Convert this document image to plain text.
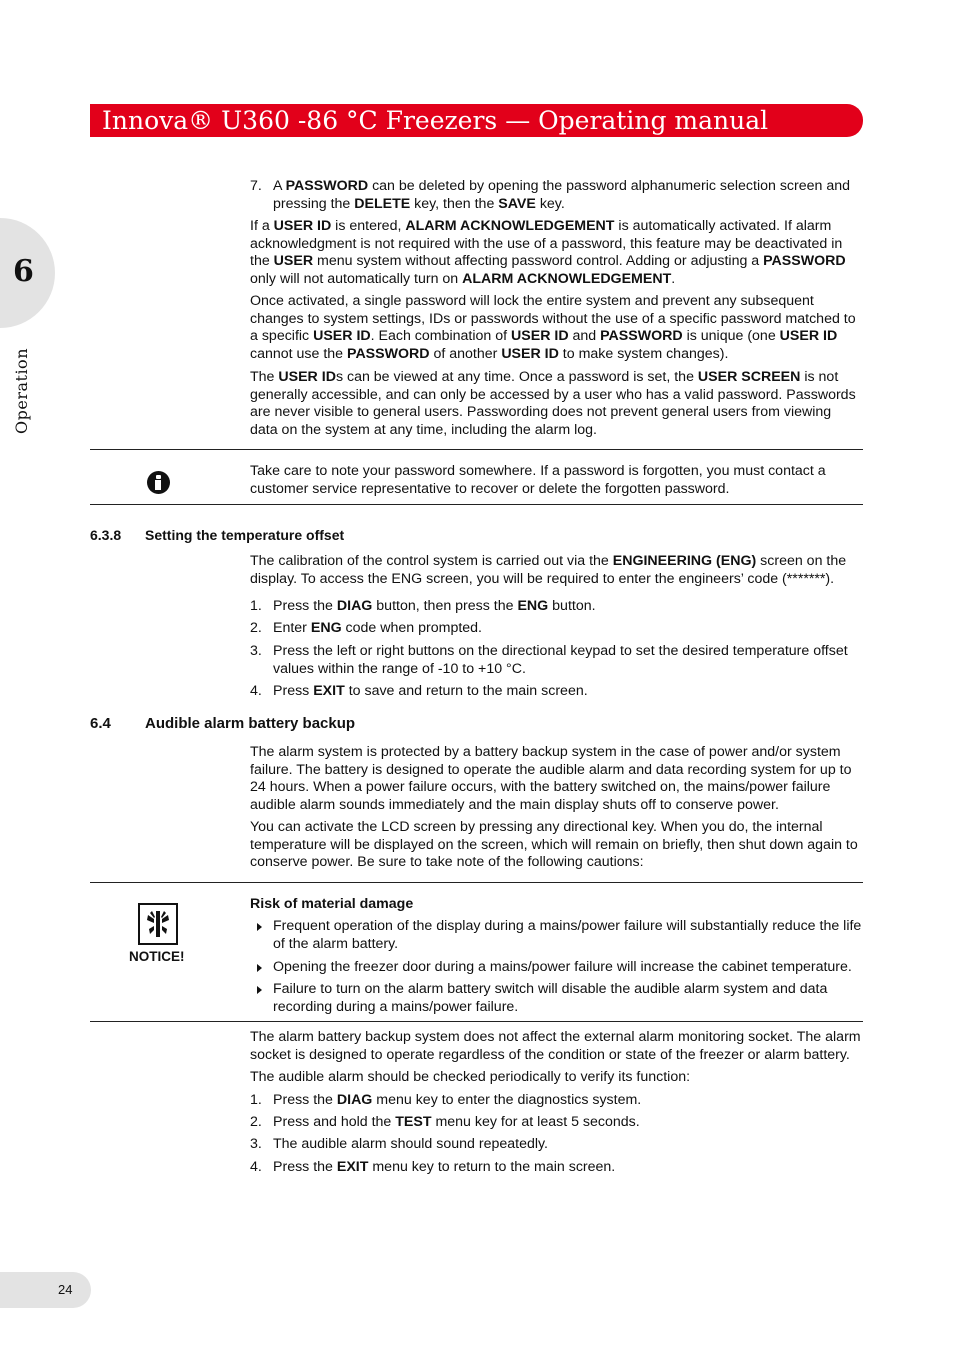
Innova® U360 -86 °C Freezers — Operating manual
6
Operation
7. A PASSWORD can be deleted by opening the password alphanumeric selection screen and pressing the DELETE key, then the SAVE key.
If a USER ID is entered, ALARM ACKNOWLEDGEMENT is automatically activated. If alarm acknowledgment is not required with the use of a password, this feature may be deactivated in the USER menu system without affecting password control. Adding or adjusting a PASSWORD only will not automatically turn on ALARM ACKNOWLEDGEMENT.
Once activated, a single password will lock the entire system and prevent any subsequent changes to system settings, IDs or passwords without the use of a specific password matched to a specific USER ID. Each combination of USER ID and PASSWORD is unique (one USER ID cannot use the PASSWORD of another USER ID to make system changes).
The USER IDs can be viewed at any time. Once a password is set, the USER SCREEN is not generally accessible, and can only be accessed by a user who has a valid password. Passwords are never visible to general users. Passwording does not prevent general users from viewing data on the system at any time, including the alarm log.
Take care to note your password somewhere. If a password is forgotten, you must contact a customer service representative to recover or delete the forgotten password.
6.3.8 Setting the temperature offset
The calibration of the control system is carried out via the ENGINEERING (ENG) screen on the display. To access the ENG screen, you will be required to enter the engineers’ code (*******).
1. Press the DIAG button, then press the ENG button.
2. Enter ENG code when prompted.
3. Press the left or right buttons on the directional keypad to set the desired temperature offset values within the range of -10 to +10 °C.
4. Press EXIT to save and return to the main screen.
6.4 Audible alarm battery backup
The alarm system is protected by a battery backup system in the case of power and/or system failure. The battery is designed to operate the audible alarm and data recording system for up to 24 hours. When a power failure occurs, with the battery switched on, the mains/power failure audible alarm sounds immediately and the main display shuts off to conserve power.
You can activate the LCD screen by pressing any directional key. When you do, the internal temperature will be displayed on the screen, which will remain on briefly, then shut down again to conserve power. Be sure to take note of the following cautions:
NOTICE!
Risk of material damage
Frequent operation of the display during a mains/power failure will substantially reduce the life of the alarm battery.
Opening the freezer door during a mains/power failure will increase the cabinet temperature.
Failure to turn on the alarm battery switch will disable the audible alarm system and data recording during a mains/power failure.
The alarm battery backup system does not affect the external alarm monitoring socket. The alarm socket is designed to operate regardless of the condition or state of the freezer or alarm battery.
The audible alarm should be checked periodically to verify its function:
1. Press the DIAG menu key to enter the diagnostics system.
2. Press and hold the TEST menu key for at least 5 seconds.
3. The audible alarm should sound repeatedly.
4. Press the EXIT menu key to return to the main screen.
24
